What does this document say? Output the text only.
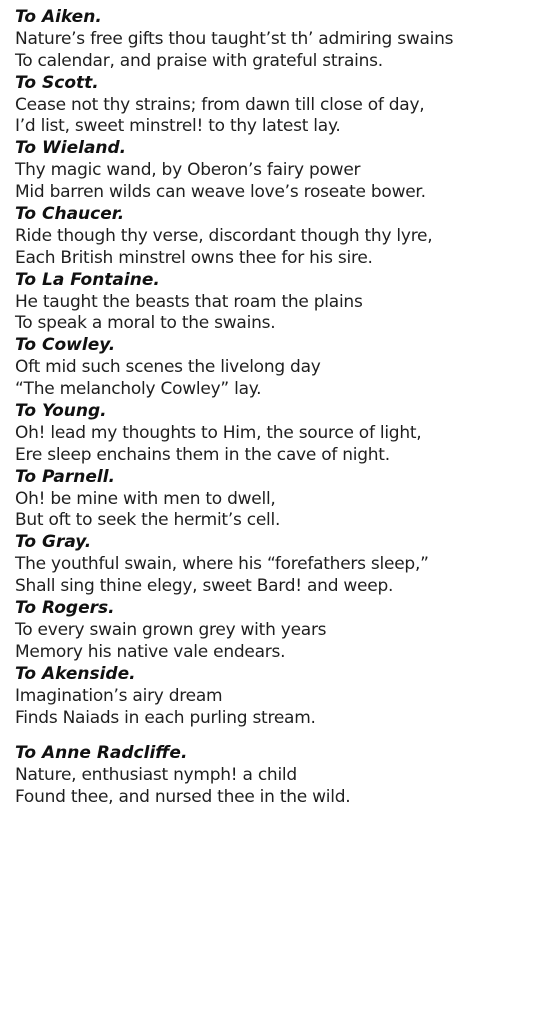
To Aiken.
Nature’s free gifts thou taught’st th’ admiring swains
To calendar, and praise with grateful strains.
To Scott.
Cease not thy strains; from dawn till close of day,
I’d list, sweet minstrel! to thy latest lay.
To Wieland.
Thy magic wand, by Oberon’s fairy power
Mid barren wilds can weave love’s roseate bower.
To Chaucer.
Ride though thy verse, discordant though thy lyre,
Each British minstrel owns thee for his sire.
To La Fontaine.
He taught the beasts that roam the plains
To speak a moral to the swains.
To Cowley.
Oft mid such scenes the livelong day
“The melancholy Cowley” lay.
To Young.
Oh! lead my thoughts to Him, the source of light,
Ere sleep enchains them in the cave of night.
To Parnell.
Oh! be mine with men to dwell,
But oft to seek the hermit’s cell.
To Gray.
The youthful swain, where his “forefathers sleep,”
Shall sing thine elegy, sweet Bard! and weep.
To Rogers.
To every swain grown grey with years
Memory his native vale endears.
To Akenside.
Imagination’s airy dream
Finds Naiads in each purling stream.
To Anne Radcliffe.
Nature, enthusiast nymph! a child
Found thee, and nursed thee in the wild.
